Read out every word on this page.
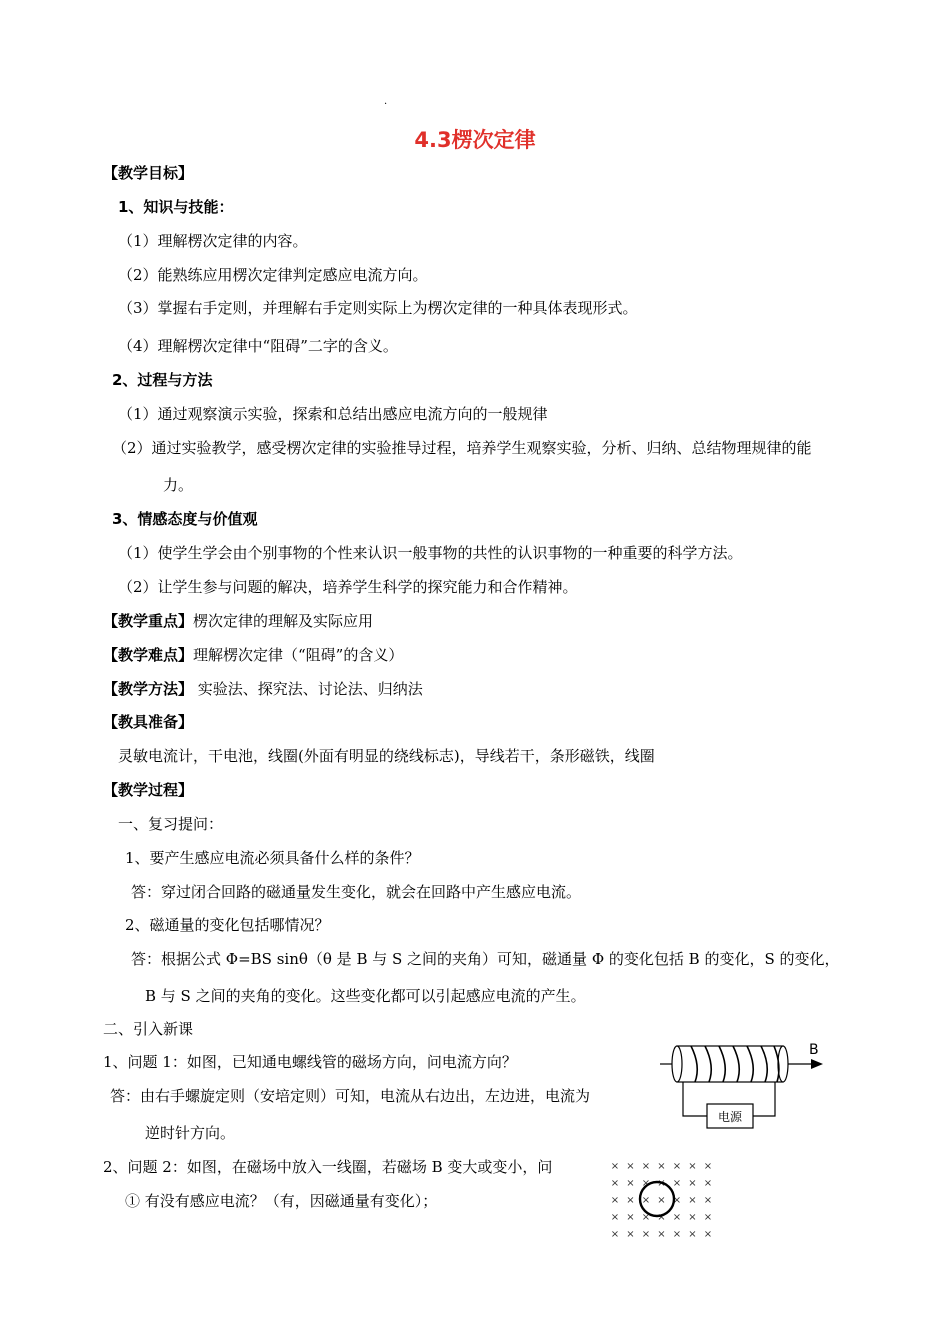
.
4.3楞次定律
【教学目标】
1、知识与技能：
（1）理解楞次定律的内容。
（2）能熟练应用楞次定律判定感应电流方向。
（3）掌握右手定则，并理解右手定则实际上为楞次定律的一种具体表现形式。
（4）理解楞次定律中“阻碍”二字的含义。
2、过程与方法
（1）通过观察演示实验，探索和总结出感应电流方向的一般规律
（2）通过实验教学，感受楞次定律的实验推导过程，培养学生观察实验，分析、归纳、总结物理规律的能
力。
3、情感态度与价值观
（1）使学生学会由个别事物的个性来认识一般事物的共性的认识事物的一种重要的科学方法。
（2）让学生参与问题的解决，培养学生科学的探究能力和合作精神。
【教学重点】楞次定律的理解及实际应用
【教学难点】理解楞次定律（“阻碍”的含义）
【教学方法】 实验法、探究法、讨论法、归纳法
【教具准备】
灵敏电流计，干电池，线圈(外面有明显的绕线标志)，导线若干，条形磁铁，线圈
【教学过程】
一、复习提问：
1、要产生感应电流必须具备什么样的条件？
答：穿过闭合回路的磁通量发生变化，就会在回路中产生感应电流。
2、磁通量的变化包括哪情况？
答：根据公式 Φ=BS sinθ（θ 是 B 与 S 之间的夹角）可知，磁通量 Φ 的变化包括 B 的变化，S 的变化，
B 与 S 之间的夹角的变化。这些变化都可以引起感应电流的产生。
二、引入新课
1、问题 1：如图，已知通电螺线管的磁场方向，问电流方向？
答：由右手螺旋定则（安培定则）可知，电流从右边出，左边进，电流为
逆时针方向。
2、问题 2：如图，在磁场中放入一线圈，若磁场 B 变大或变小，问
① 有没有感应电流？（有，因磁通量有变化）；
B
电源
×
×
×
×
×
×
×
×
×
×
×
×
×
×
×
×
×
×
×
×
×
×
×
×
×
×
×
×
×
×
×
×
×
×
×
